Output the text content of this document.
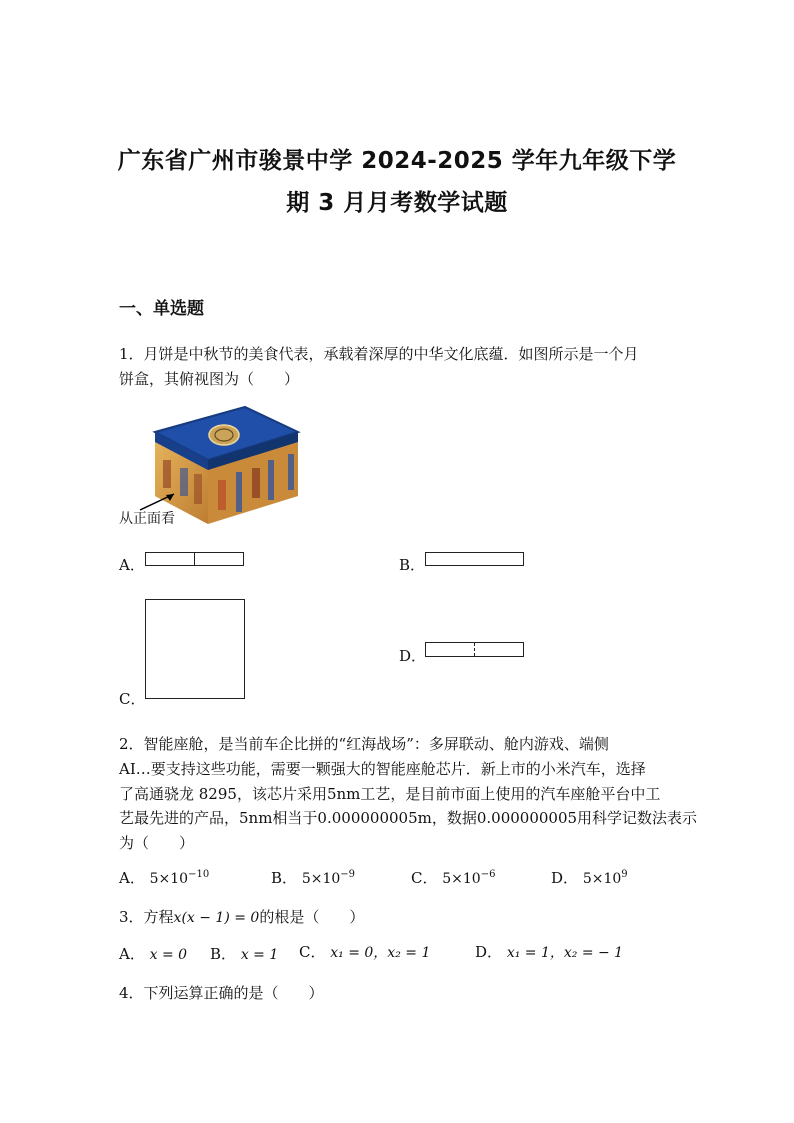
广东省广州市骏景中学 2024-2025 学年九年级下学
期 3 月月考数学试题
一、单选题
1．月饼是中秋节的美食代表，承载着深厚的中华文化底蕴．如图所示是一个月
饼盒，其俯视图为（　　）
从正面看
A．	B．
C．
D．
2．智能座舱，是当前车企比拼的“红海战场”：多屏联动、舱内游戏、端侧
AI…要支持这些功能，需要一颗强大的智能座舱芯片．新上市的小米汽车，选择
了高通骁龙 8295，该芯片采用5nm工艺，是目前市面上使用的汽车座舱平台中工
艺最先进的产品，5nm相当于0.000000005m，数据0.000000005用科学记数法表示
为（　　）
A． $5\times 10^{-10}$	B． $5\times 10^{-9}$	C． $5\times 10^{-6}$	D． $5\times 10^9$
3．方程x(x − 1) = 0的根是（　　）
A． x = 0 B． x = 1 C． x₁ = 0，x₂ = 1	D． x₁ = 1，x₂ = − 1
4．下列运算正确的是（　　）
